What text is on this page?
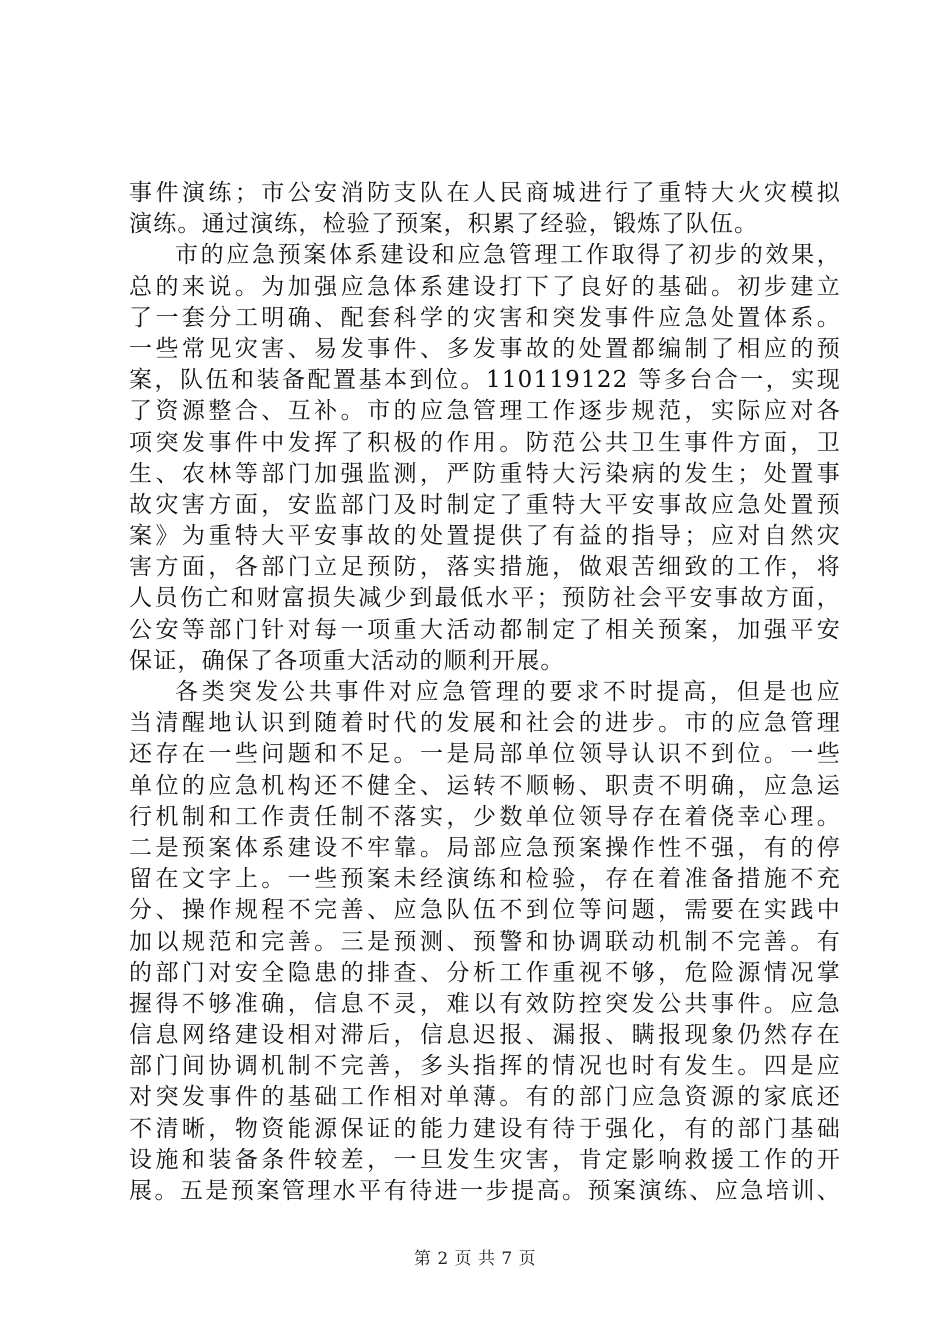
事件演练；市公安消防支队在人民商城进行了重特大火灾模拟
演练。通过演练，检验了预案，积累了经验，锻炼了队伍。
市的应急预案体系建设和应急管理工作取得了初步的效果，
总的来说。为加强应急体系建设打下了良好的基础。初步建立
了一套分工明确、配套科学的灾害和突发事件应急处置体系。
一些常见灾害、易发事件、多发事故的处置都编制了相应的预
案，队伍和装备配置基本到位。110119122 等多台合一，实现
了资源整合、互补。市的应急管理工作逐步规范，实际应对各
项突发事件中发挥了积极的作用。防范公共卫生事件方面，卫
生、农林等部门加强监测，严防重特大污染病的发生；处置事
故灾害方面，安监部门及时制定了重特大平安事故应急处置预
案》为重特大平安事故的处置提供了有益的指导；应对自然灾
害方面，各部门立足预防，落实措施，做艰苦细致的工作，将
人员伤亡和财富损失减少到最低水平；预防社会平安事故方面，
公安等部门针对每一项重大活动都制定了相关预案，加强平安
保证，确保了各项重大活动的顺利开展。
各类突发公共事件对应急管理的要求不时提高，但是也应
当清醒地认识到随着时代的发展和社会的进步。市的应急管理
还存在一些问题和不足。一是局部单位领导认识不到位。一些
单位的应急机构还不健全、运转不顺畅、职责不明确，应急运
行机制和工作责任制不落实，少数单位领导存在着侥幸心理。
二是预案体系建设不牢靠。局部应急预案操作性不强，有的停
留在文字上。一些预案未经演练和检验，存在着准备措施不充
分、操作规程不完善、应急队伍不到位等问题，需要在实践中
加以规范和完善。三是预测、预警和协调联动机制不完善。有
的部门对安全隐患的排查、分析工作重视不够，危险源情况掌
握得不够准确，信息不灵，难以有效防控突发公共事件。应急
信息网络建设相对滞后，信息迟报、漏报、瞒报现象仍然存在
部门间协调机制不完善，多头指挥的情况也时有发生。四是应
对突发事件的基础工作相对单薄。有的部门应急资源的家底还
不清晰，物资能源保证的能力建设有待于强化，有的部门基础
设施和装备条件较差，一旦发生灾害，肯定影响救援工作的开
展。五是预案管理水平有待进一步提高。预案演练、应急培训、
第 2 页 共 7 页
